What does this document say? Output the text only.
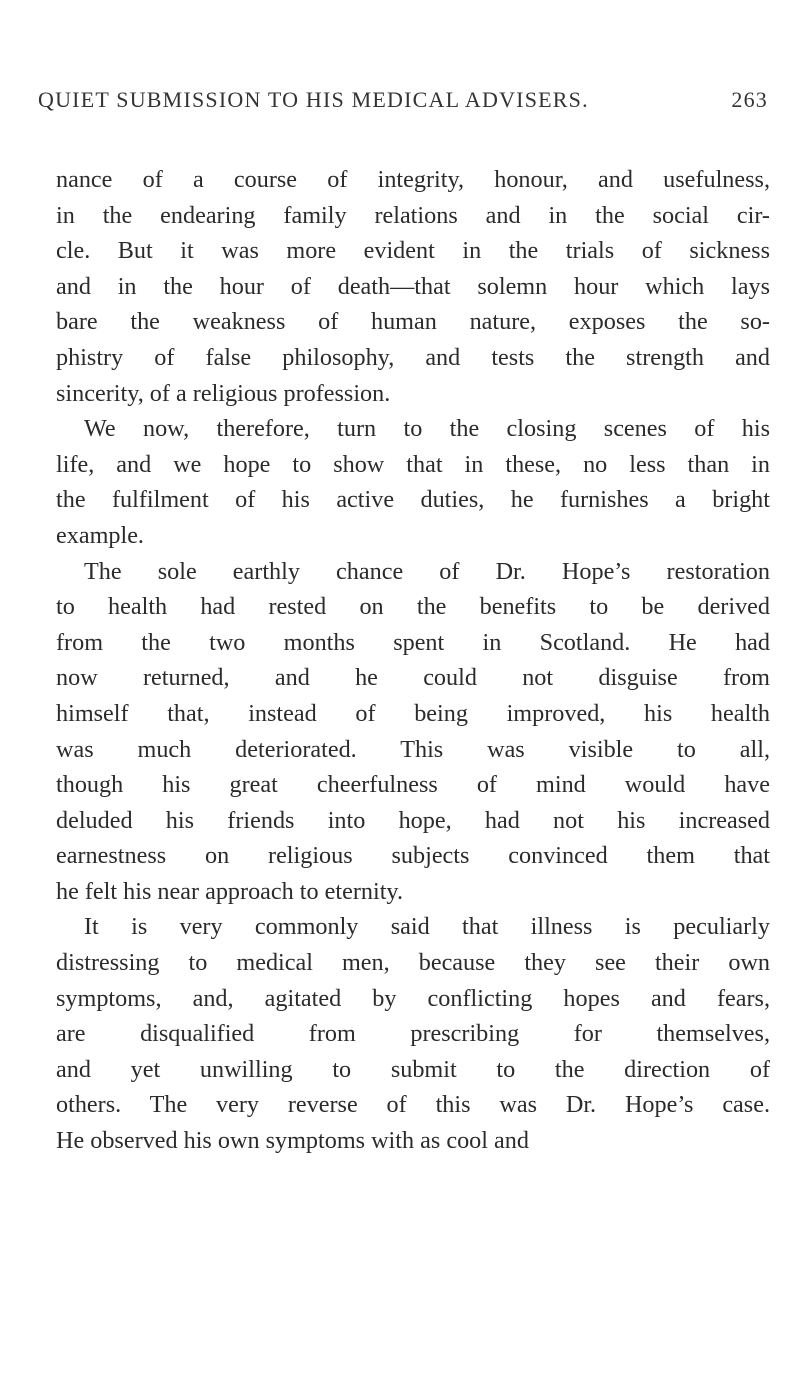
QUIET SUBMISSION TO HIS MEDICAL ADVISERS.	263
nance of a course of integrity, honour, and usefulness,
in the endearing family relations and in the social cir-
cle. But it was more evident in the trials of sickness
and in the hour of death—that solemn hour which lays
bare the weakness of human nature, exposes the so-
phistry of false philosophy, and tests the strength and
sincerity, of a religious profession.
We now, therefore, turn to the closing scenes of his
life, and we hope to show that in these, no less than in
the fulfilment of his active duties, he furnishes a bright
example.
The sole earthly chance of Dr. Hope’s restoration
to health had rested on the benefits to be derived
from the two months spent in Scotland. He had
now returned, and he could not disguise from
himself that, instead of being improved, his health
was much deteriorated. This was visible to all,
though his great cheerfulness of mind would have
deluded his friends into hope, had not his increased
earnestness on religious subjects convinced them that
he felt his near approach to eternity.
It is very commonly said that illness is peculiarly
distressing to medical men, because they see their own
symptoms, and, agitated by conflicting hopes and fears,
are disqualified from prescribing for themselves,
and yet unwilling to submit to the direction of
others. The very reverse of this was Dr. Hope’s case.
He observed his own symptoms with as cool and
